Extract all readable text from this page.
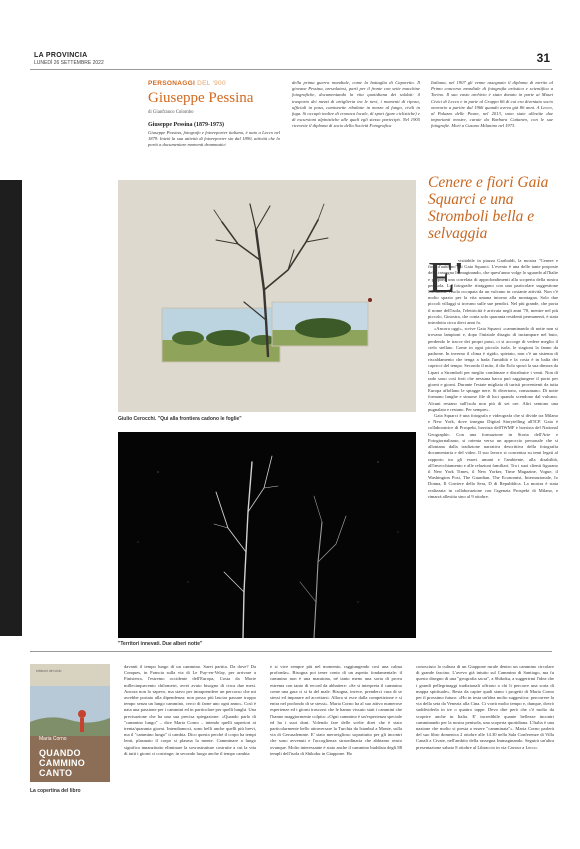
LA PROVINCIA
LUNEDÌ 26 SETTEMBRE 2022	31
PERSONAGGI DEL '900
Giuseppe Pessina
di Gianfranco Colombo
Giuseppe Pessina (1879-1973)
Giuseppe Pessina, fotografo e fotoreporter italiano, è nato a Lecco nel 1879. Iniziò la sua attività di fotoreporter sin dal 1890, attività che lo portò a documentare momenti drammatici
della prima guerra mondiale, come la battaglia di Caporetto. Il giovane Pessina, arruolatosi, partì per il fronte con sette macchine fotografiche, documentando la vita quotidiana dei soldati: il trasporto dei mezzi di artiglieria tra le nevi, i momenti di riposo, ufficiali in posa, camionette ribaltate in mezzo al fango, civili in fuga. Si occupò inoltre di cronaca locale, di sport (gare ciclistiche) e di escursioni alpinistiche alle quali egli stesso partecipò. Nel 1905 ricevette il diploma di socio della Società Fotografica
Italiana, nel 1907 gli venne assegnato il diploma di merito al Primo concorso mondiale di fotografia artistica e scientifica a Torino. Il suo vasto archivio è stato donato in parte ai Musei Civici di Lecco e in parte al Gruppo 66 di cui era diventato socio onorario a partire dal 1966 quando aveva già 86 anni. A Lecco, al Palazzo delle Paure, nel 2013, sono state allestite due importanti mostre, curate da Barbara Cattaneo, con le sue fotografie. Morì a Cusano Milanino nel 1973.
Giulio Cerocchi. "Qui alla frontiera cadono le foglie"
"Territori innevati. Due alberi notte"
Cenere e fiori Gaia Squarci e una Stromboli bella e selvaggia
E'

visitabile in piazza Garibaldi, la mostra "Cenere e fiori d'autunno" di Gaia Squarci. L'evento è una delle tante proposte della rassegna Immaginando, che quest'anno volge lo sguardo all'Italie e propone una correlata di approfondimenti alla scoperta della nostra penisola. Le fotografie ritraggono con una particolare suggestione Stromboli, l'isola occupata da un vulcano in costante attività. Non c'è molto spazio per la vita umana intorno alla montagna. Solo due piccoli villaggi si trovano sulle sue pendici. Nel più grande, che porta il nome dell'isola, l'elettricità è arrivata negli anni '70, mentre nel più piccolo, Ginostra, che conta solo quaranta residenti permanenti, è stata introdotta circa dieci anni fa.

«Ancora oggi», scrive Gaia Squarci «camminando di notte non si trovano lampioni e, dopo l'iniziale disagio di inciampare nel buio, perdendo le tracce dei propri passi, ci si accorge di vedere meglio il cielo stellato. Come in ogni piccola isola, le stagioni la fanno da padrone. In inverno il clima è rigido, spietato, non c'è un sistema di riscaldamento che tenga a bada l'umidità e la costa è in balìa dei capricci del tempo. Secondo il mito, il dio Eolo sposò la sua dimora da Lipari a Stromboli per meglio combinare e distribuire i venti. Non di rado sono così forti che nessuna barca può raggiungere il porto per giorni e giorni. Durante l'estate migliaia di turisti provenienti da tutta Europa affollano le spiagge nere. Si divertono, consumano. Di notte formano lunghe e sinuose file di luci quando scendono dal vulcano. Alcuni restano sull'isola non più di sei ore. Altri sentono una pugnalata e restano. Per sempre».

Gaia Squarci è una fotografa e videografa che si divide tra Milano e New York, dove insegna Digital Storytelling all'ICP. Gaia è collaboratrice di Prospekt, borsista dell'IWMF e borsista del National Geographic. Con una formazione in Storia dell'Arte e Fotogiornalismo, si orienta verso un approccio personale che si allontana dalla tradizione narrativa descrittiva della fotografia documentaria e del video. Il suo lavoro si concentra su temi legati al rapporto tra gli esseri umani e l'ambiente, alla disabilità, all'invecchiamento e alle relazioni familiari. Tra i suoi clienti figurano il New York Times, il New Yorker, Time Magazine, Vogue, il Washington Post, The Guardian, The Economist, Internazionale, Io Donna, Il Corriere della Sera, D di Repubblica. La mostra è stata realizzata in collaborazione con l'agenzia Prospekt di Milano, e rimarrà allestita sino al 9 ottobre.

edizioni del ciclo
Maria Corno
QUANDO
CAMMINO
CANTO
La copertina del libro
davanti il tempo lungo di un cammino. Sarei partita. Da dove? Da Conques, in Francia sulla via di Le Puy-en-Velay, per arrivare a Finisterra, l'estremo occidente dell'Europa, Costa da Morte millecinquecento chilometri, avrei avuto bisogno di circa due mesi. Ancora non lo sapevo, ma stavo per intraprendere un percorso che mi avrebbe portato alla dipendenza: non posso più lasciar passare troppo tempo senza un lungo cammino, cerco di farne uno ogni anno». Così è nata una passione per i cammini ed in particolare per quelli lunghi. Una precisazione che ha una sua precisa spiegazione: «Quando parlo di "cammino lungo" – dice Maria Corno – intendo quelli superiori ai trenta/quaranta giorni. Intendiamoci, sono belli anche quelli più brevi, ma il "cammino lungo" ti cambia. Dico questo perchè il corpo ha tempi lenti, plasmato il corpo si plasma la mente. Camminare a lungo significa innanzitutto eliminare la sovrastrutture costruite a cui la vita di tutti i giorni ci costringe; in secondo luogo anche il tempo cambia
e si vive sempre più nel momento, raggiungendo così una calma profonda». Bisogna poi tener conto di un aspetto fondamentale: il cammino non è una maratona, né tanto meno una sorta di prova estrema con tanto di record da abbattere: «Se si interpreta il cammino come una gara ci si fa del male. Bisogna, invece, prenderci cura di se stessi ed imparare ad accettarsi. Allora si esce dalla competizione e si entra nel profondo di se stessi». Maria Corno ha al suo attivo numerose esperienze ed i giorni trascorsi che le hanno vissuto stati i cammini che l'hanno maggiormente colpita: «Ogni cammino è un'esperienza speciale ed ha i suoi doni. Volendo fare delle scelte direi che è stato particolarmente bello attraversare la Turchia da Istanbul a Monte, sulla via di Gerusalemme. E' stato meraviglioso soprattutto per gli incontri che sono avvenuti e l'accoglienza straordinaria che abbiamo avuto ovunque. Molto interessante è stato anche il cammino buddista degli 88 templi dell'isola di Shikoku in Giappone. Ho
conosciuto la cultura di un Giappone rurale dentro un cammino circolare di grande fascino. L'avevo già intuito sul Cammino di Santiago, ma fu questo disegno di una "geografia sacra", a Shikoku, a suggerirmi l'idea che i grandi pellegrinaggi tradizionali offrono a chi li percorre una sorta di mappa spirituale». Resta da capire quali siano i progetti di Maria Corno per il prossimo futuro: «Ho in testa un'idea molto suggestiva: percorrere la via della seta da Venezia alla Cina. Ci vorrà molto tempo e, dunque, dovrò suddividerla in tre o quattro tappe. Devo dire però che c'è molto da scoprire anche in Italia. E' incredibile quante bellezze incontri camminando per la nostra penisola, una scoperta quotidiana. L'Italia è una nazione che molto si presta a essere "camminata"». Maria Corno parlerà del suo libro domenica 2 ottobre alle 14.30 nella Sala Conferenze di Villa Canali a Civate, nell'ambito della rassegna Immaginando. Seguirà un'altra presentazione sabato 8 ottobre al Libraccio in via Cavour a Lecco.
